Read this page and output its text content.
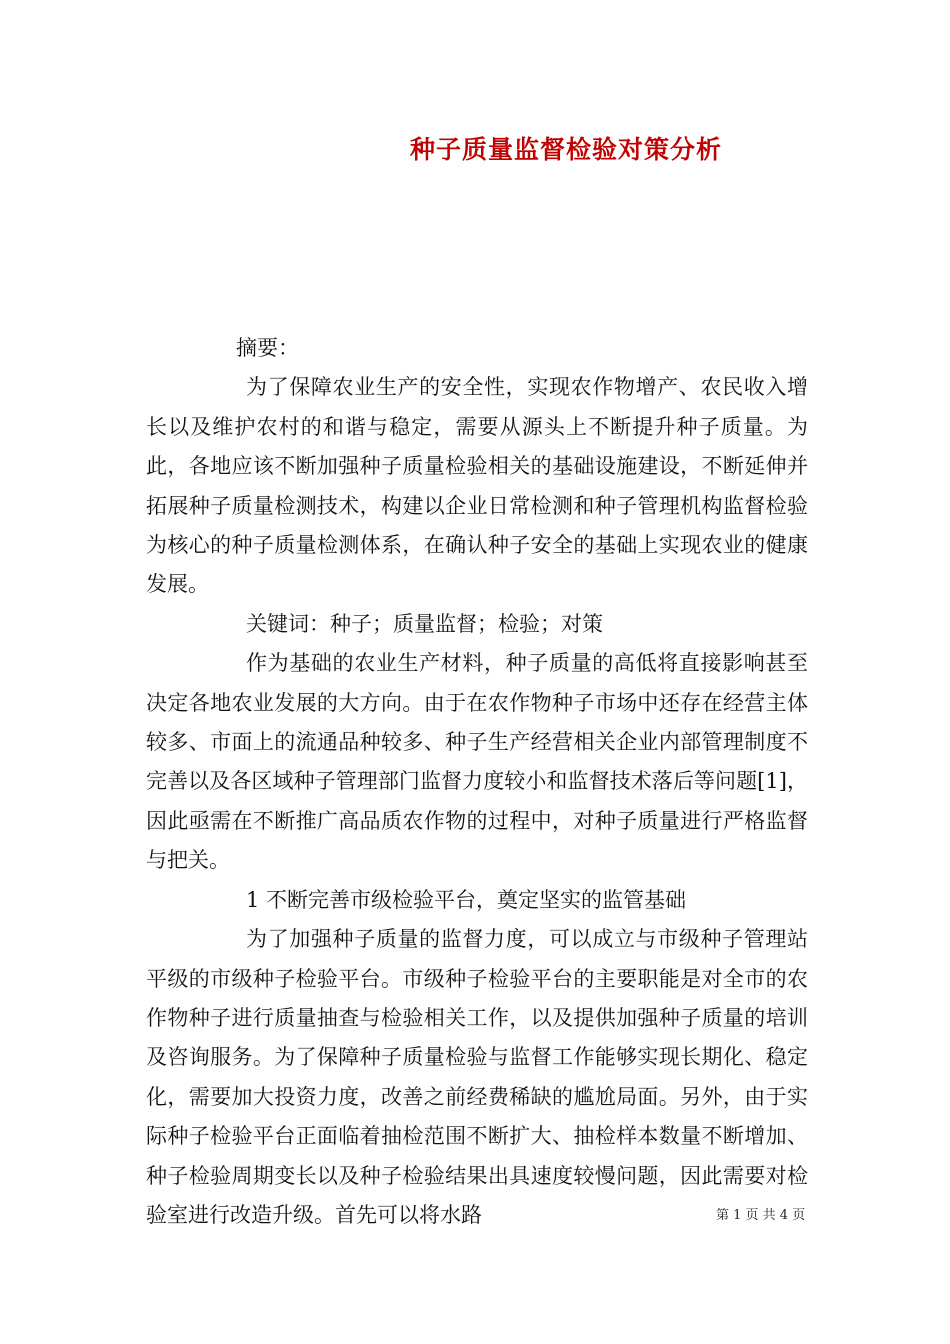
种子质量监督检验对策分析

摘要：

为了保障农业生产的安全性，实现农作物增产、农民收入增长以及维护农村的和谐与稳定，需要从源头上不断提升种子质量。为此，各地应该不断加强种子质量检验相关的基础设施建设，不断延伸并拓展种子质量检测技术，构建以企业日常检测和种子管理机构监督检验为核心的种子质量检测体系，在确认种子安全的基础上实现农业的健康发展。

关键词：种子；质量监督；检验；对策

作为基础的农业生产材料，种子质量的高低将直接影响甚至决定各地农业发展的大方向。由于在农作物种子市场中还存在经营主体较多、市面上的流通品种较多、种子生产经营相关企业内部管理制度不完善以及各区域种子管理部门监督力度较小和监督技术落后等问题[1]，因此亟需在不断推广高品质农作物的过程中，对种子质量进行严格监督与把关。

1 不断完善市级检验平台，奠定坚实的监管基础

为了加强种子质量的监督力度，可以成立与市级种子管理站平级的市级种子检验平台。市级种子检验平台的主要职能是对全市的农作物种子进行质量抽查与检验相关工作，以及提供加强种子质量的培训及咨询服务。为了保障种子质量检验与监督工作能够实现长期化、稳定化，需要加大投资力度，改善之前经费稀缺的尴尬局面。另外，由于实际种子检验平台正面临着抽检范围不断扩大、抽检样本数量不断增加、种子检验周期变长以及种子检验结果出具速度较慢问题，因此需要对检验室进行改造升级。首先可以将水路	第 1 页 共 4 页
